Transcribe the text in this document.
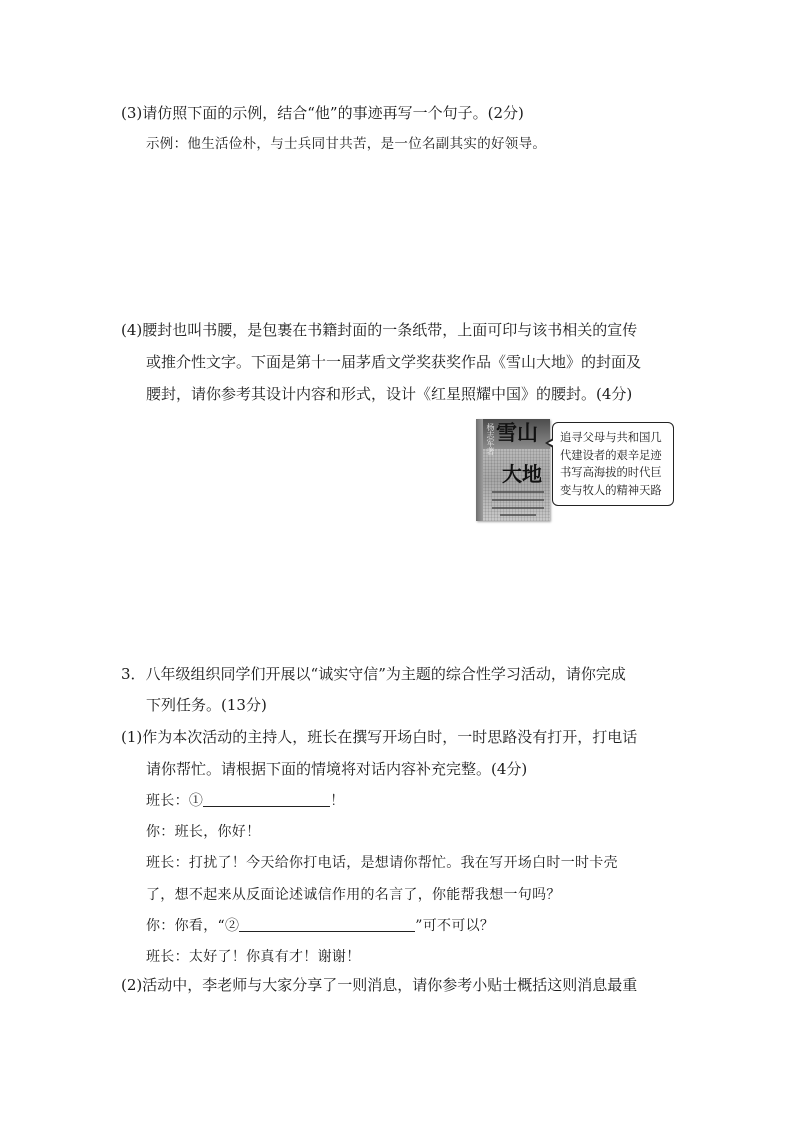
(3)请仿照下面的示例，结合“他”的事迹再写一个句子。(2分)
示例：他生活俭朴，与士兵同甘共苦，是一位名副其实的好领导。
(4)腰封也叫书腰，是包裹在书籍封面的一条纸带，上面可印与该书相关的宣传
或推介性文字。下面是第十一届茅盾文学奖获奖作品《雪山大地》的封面及
腰封，请你参考其设计内容和形式，设计《红星照耀中国》的腰封。(4分)
杨志军著 雪山
大地
追寻父母与共和国几
代建设者的艰辛足迹
书写高海拔的时代巨
变与牧人的精神天路
3．八年级组织同学们开展以“诚实守信”为主题的综合性学习活动，请你完成
下列任务。(13分)
(1)作为本次活动的主持人，班长在撰写开场白时，一时思路没有打开，打电话
请你帮忙。请根据下面的情境将对话内容补充完整。(4分)
班长：①	！
你：班长，你好！
班长：打扰了！今天给你打电话，是想请你帮忙。我在写开场白时一时卡壳
了，想不起来从反面论述诚信作用的名言了，你能帮我想一句吗？
你：你看，“②	”可不可以？
班长：太好了！你真有才！谢谢！
(2)活动中，李老师与大家分享了一则消息，请你参考小贴士概括这则消息最重
